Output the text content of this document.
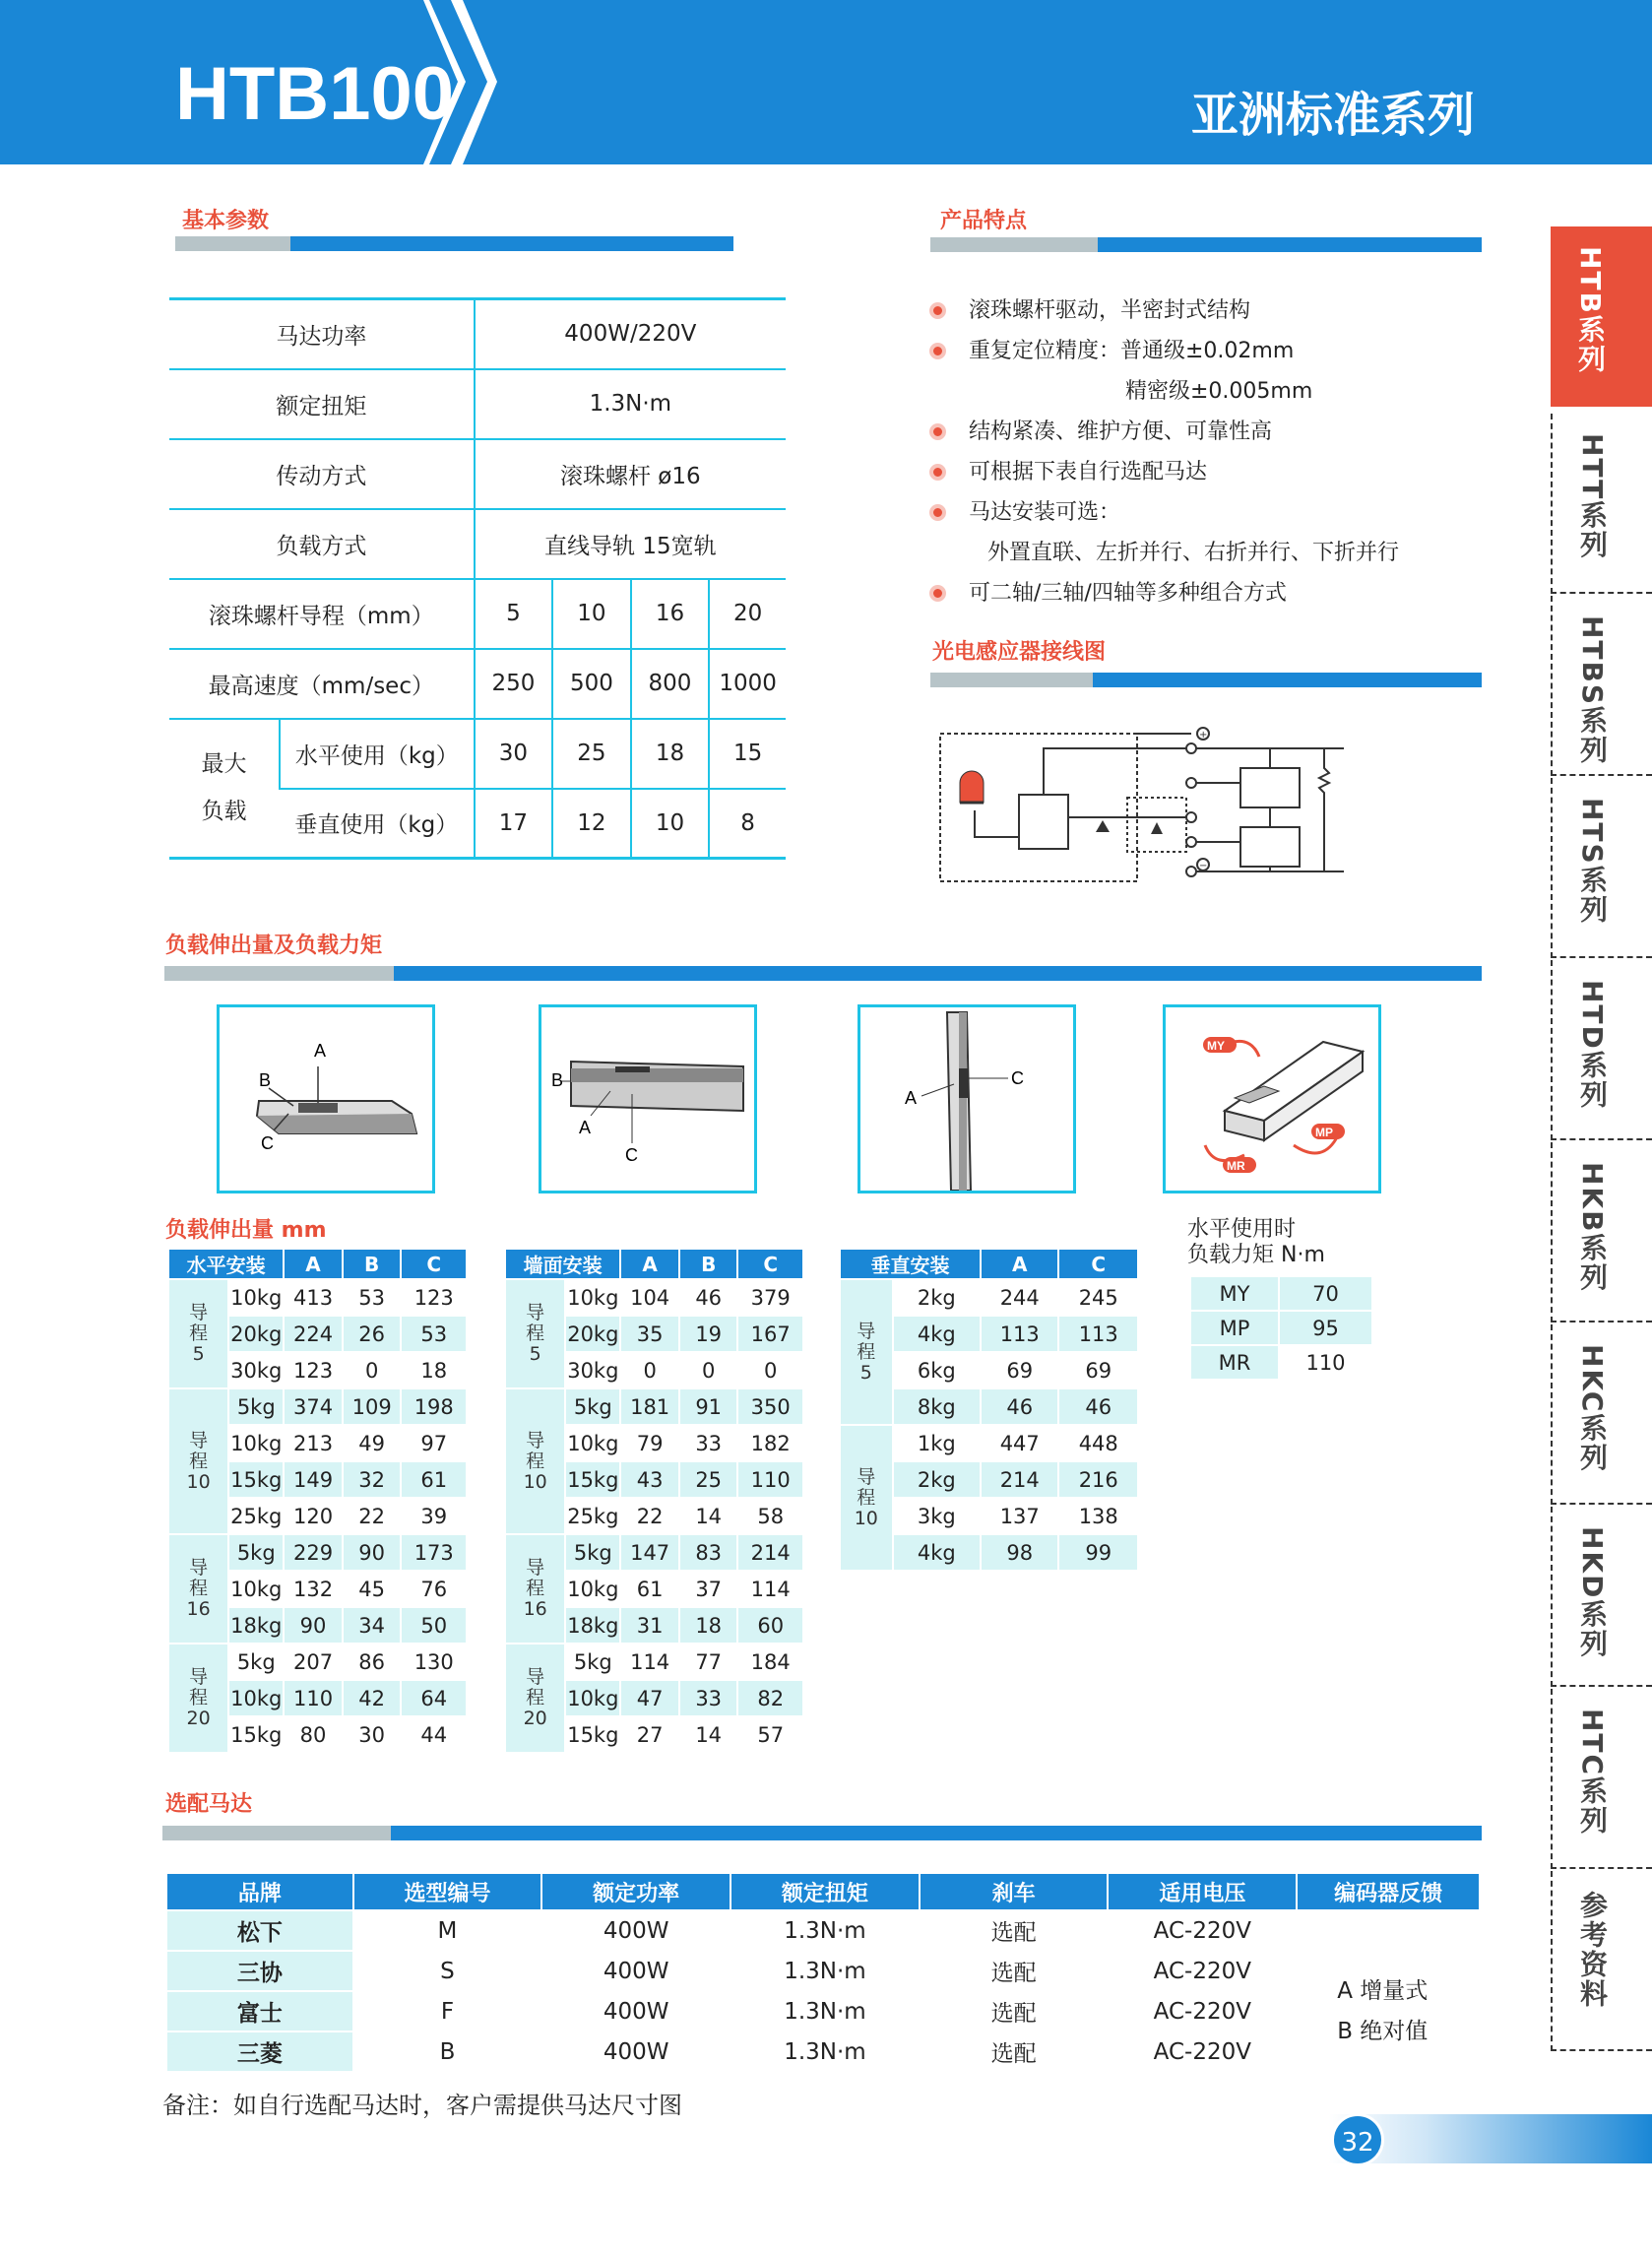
HTB100	亚洲标准系列
基本参数
马达功率		400W/220V			
额定扭矩		1.3N·m			
传动方式		滚珠螺杆 ø16			
负载方式		直线导轨 15宽轨			
滚珠螺杆导程（mm）		5	10	16	20
最高速度（mm/sec）		250	500	800	1000
最大
负载	水平使用（kg）	30	25	18	15
	垂直使用（kg）	17	12	10	8
产品特点
滚珠螺杆驱动，半密封式结构
重复定位精度：普通级±0.02mm
精密级±0.005mm
结构紧凑、维护方便、可靠性高
可根据下表自行选配马达
马达安装可选：
外置直联、左折并行、右折并行、下折并行
可二轴/三轴/四轴等多种组合方式
光电感应器接线图
+
−
负载伸出量及负载力矩
A
B
C
B
A
C
A
C
MY
MP
MR
负载伸出量 mm
水平安装		A	B	C
导
程
5	10kg	413	53	123
	20kg	224	26	53
	30kg	123	0	18
导
程
10	5kg	374	109	198
	10kg	213	49	97
	15kg	149	32	61
	25kg	120	22	39
导
程
16	5kg	229	90	173
	10kg	132	45	76
	18kg	90	34	50
导
程
20	5kg	207	86	130
	10kg	110	42	64
	15kg	80	30	44
墙面安装		A	B	C
导
程
5	10kg	104	46	379
	20kg	35	19	167
	30kg	0	0	0
导
程
10	5kg	181	91	350
	10kg	79	33	182
	15kg	43	25	110
	25kg	22	14	58
导
程
16	5kg	147	83	214
	10kg	61	37	114
	18kg	31	18	60
导
程
20	5kg	114	77	184
	10kg	47	33	82
	15kg	27	14	57
垂直安装		A	C
导
程
5	2kg	244	245
	4kg	113	113
	6kg	69	69
	8kg	46	46
导
程
10	1kg	447	448
	2kg	214	216
	3kg	137	138
	4kg	98	99
水平使用时
负载力矩 N·m
MY	70
MP	95
MR	110
选配马达
品牌	选型编号	额定功率	额定扭矩	刹车	适用电压	编码器反馈
松下	M	400W	1.3N·m	选配	AC-220V	A 增量式
B 绝对值
三协	S	400W	1.3N·m	选配	AC-220V	
富士	F	400W	1.3N·m	选配	AC-220V	
三菱	B	400W	1.3N·m	选配	AC-220V	
备注：如自行选配马达时，客户需提供马达尺寸图
HTB系列
HTT系列
HTBS系列
HTS系列
HTD系列
HKB系列
HKC系列
HKD系列
HTC系列
参考资料
32
